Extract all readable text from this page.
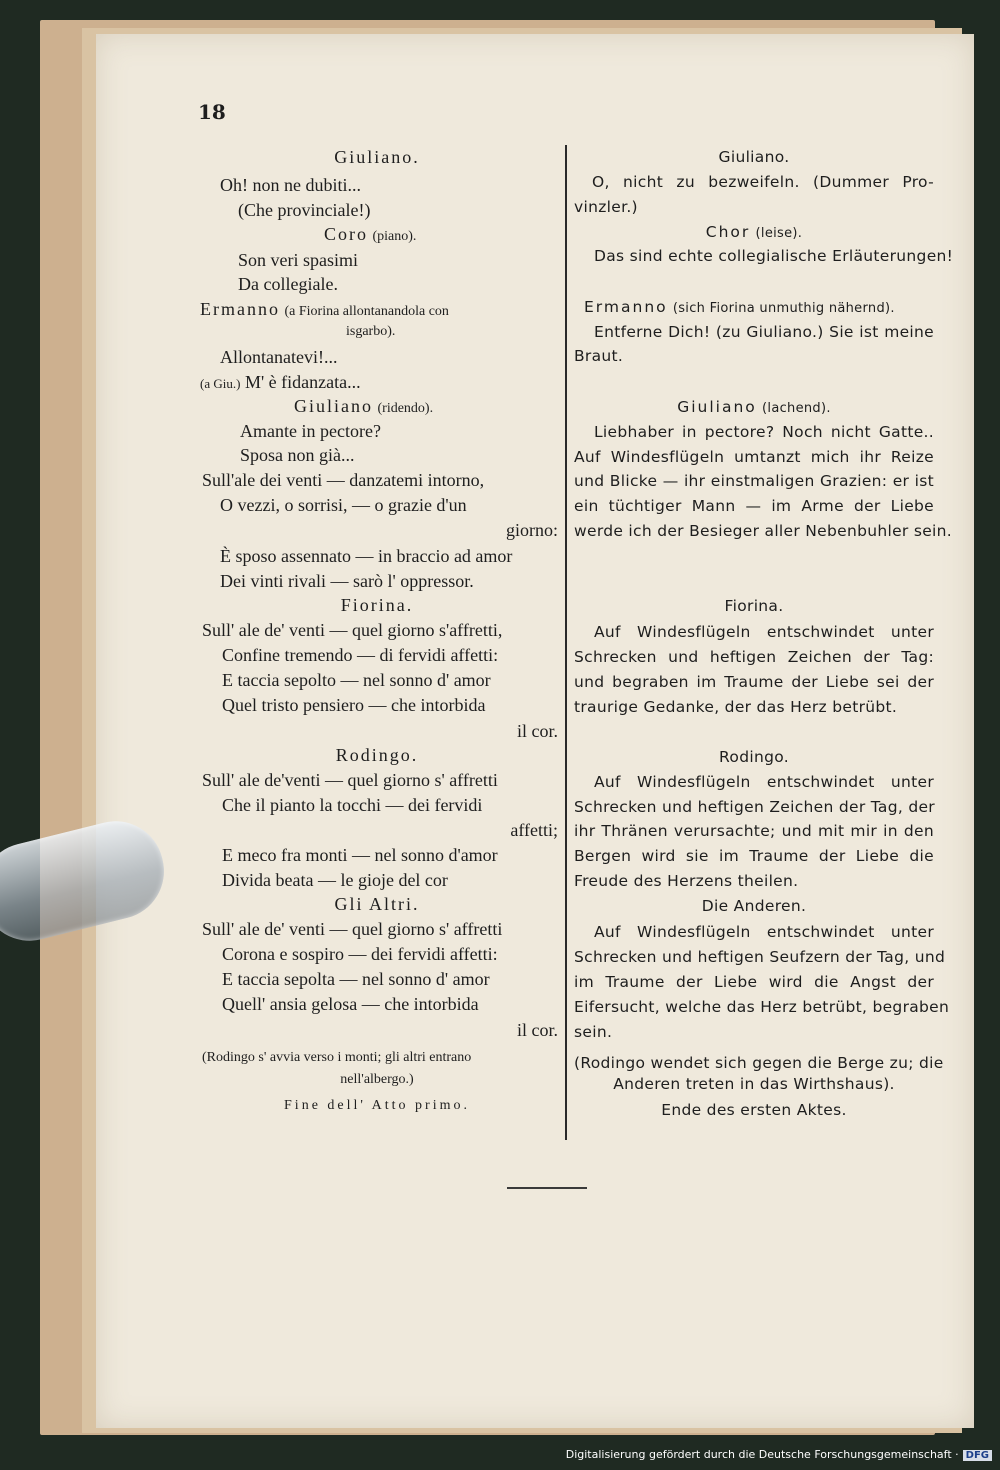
18
Giuliano.
Oh! non ne dubiti...
(Che provinciale!)
Coro (piano).
Son veri spasimi
Da collegiale.
Ermanno (a Fiorina allontanandola con
isgarbo).
Allontanatevi!...
(a Giu.) M' è fidanzata...
Giuliano (ridendo).
Amante in pectore?
Sposa non già...
Sull'ale dei venti — danzatemi intorno,
O vezzi, o sorrisi, — o grazie d'un
giorno:
È sposo assennato — in braccio ad amor
Dei vinti rivali — sarò l' oppressor.
Fiorina.
Sull' ale de' venti — quel giorno s'affretti,
Confine tremendo — di fervidi affetti:
E taccia sepolto — nel sonno d' amor
Quel tristo pensiero — che intorbida
il cor.
Rodingo.
Sull' ale de'venti — quel giorno s' affretti
Che il pianto la tocchi — dei fervidi
affetti;
E meco fra monti — nel sonno d'amor
Divida beata — le gioje del cor
Gli Altri.
Sull' ale de' venti — quel giorno s' affretti
Corona e sospiro — dei fervidi affetti:
E taccia sepolta — nel sonno d' amor
Quell' ansia gelosa — che intorbida
il cor.
(Rodingo s' avvia verso i monti; gli altri entrano
nell'albergo.)
Fine dell' Atto primo.
Giuliano.
O, nicht zu bezweifeln. (Dummer Pro-
vinzler.)
Chor (leise).
Das sind echte collegialische Erläuterungen!
Ermanno (sich Fiorina unmuthig nähernd).
Entferne Dich! (zu Giuliano.) Sie ist meine
Braut.
Giuliano (lachend).
Liebhaber in pectore? Noch nicht Gatte..
Auf Windesflügeln umtanzt mich ihr Reize
und Blicke — ihr einstmaligen Grazien: er ist
ein tüchtiger Mann — im Arme der Liebe
werde ich der Besieger aller Nebenbuhler sein.
Fiorina.
Auf Windesflügeln entschwindet unter
Schrecken und heftigen Zeichen der Tag:
und begraben im Traume der Liebe sei der
traurige Gedanke, der das Herz betrübt.
Rodingo.
Auf Windesflügeln entschwindet unter
Schrecken und heftigen Zeichen der Tag, der
ihr Thränen verursachte; und mit mir in den
Bergen wird sie im Traume der Liebe die
Freude des Herzens theilen.
Die Anderen.
Auf Windesflügeln entschwindet unter
Schrecken und heftigen Seufzern der Tag, und
im Traume der Liebe wird die Angst der
Eifersucht, welche das Herz betrübt, begraben
sein.
(Rodingo wendet sich gegen die Berge zu; die
Anderen treten in das Wirthshaus).
Ende des ersten Aktes.
Digitalisierung gefördert durch die Deutsche Forschungsgemeinschaft · DFG
